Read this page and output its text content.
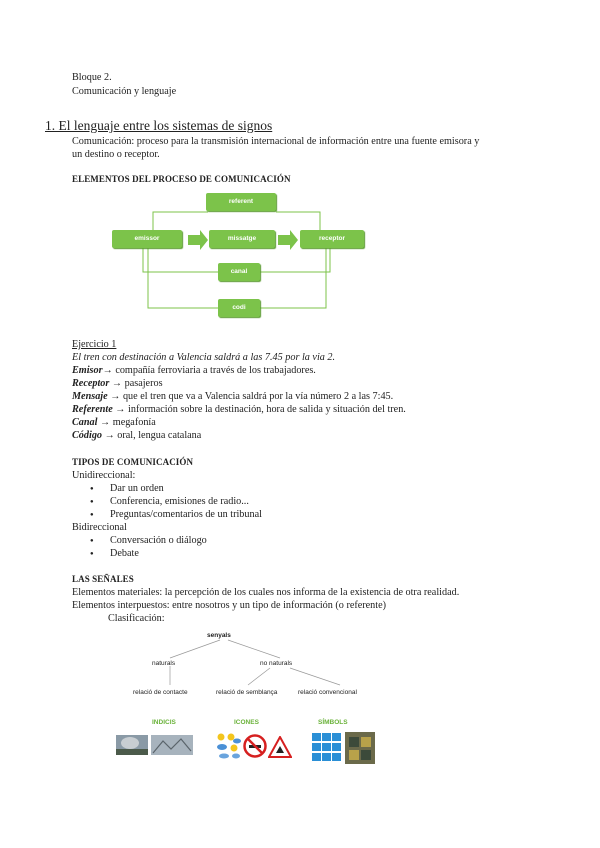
Bloque 2.
Comunicación y lenguaje
1. El lenguaje entre los sistemas de signos
Comunicación: proceso para la transmisión internacional de información entre una fuente emisora y
un destino o receptor.
ELEMENTOS DEL PROCESO DE COMUNICACIÓN
referent
emissor	missatge	receptor
canal
codi
Ejercicio 1
El tren con destinación a Valencia saldrá a las 7.45 por la via 2.
Emisor→ compañía ferroviaria a través de los trabajadores.
Receptor → pasajeros
Mensaje → que el tren que va a Valencia saldrá por la vía número 2 a las 7:45.
Referente → información sobre la destinación, hora de salida y situación del tren.
Canal → megafonía
Código → oral, lengua catalana
TIPOS DE COMUNICACIÓN
Unidireccional:
● Dar un orden
● Conferencia, emisiones de radio...
● Preguntas/comentarios de un tribunal
Bidireccional
● Conversación o diálogo
● Debate
LAS SEÑALES
Elementos materiales: la percepción de los cuales nos informa de la existencia de otra realidad.
Elementos interpuestos: entre nosotros y un tipo de información (o referente)
Clasificación:
senyals
naturals	no naturals
relació de contacte	relació de semblança	relació convencional
INDICIS	ICONES	SÍMBOLS
